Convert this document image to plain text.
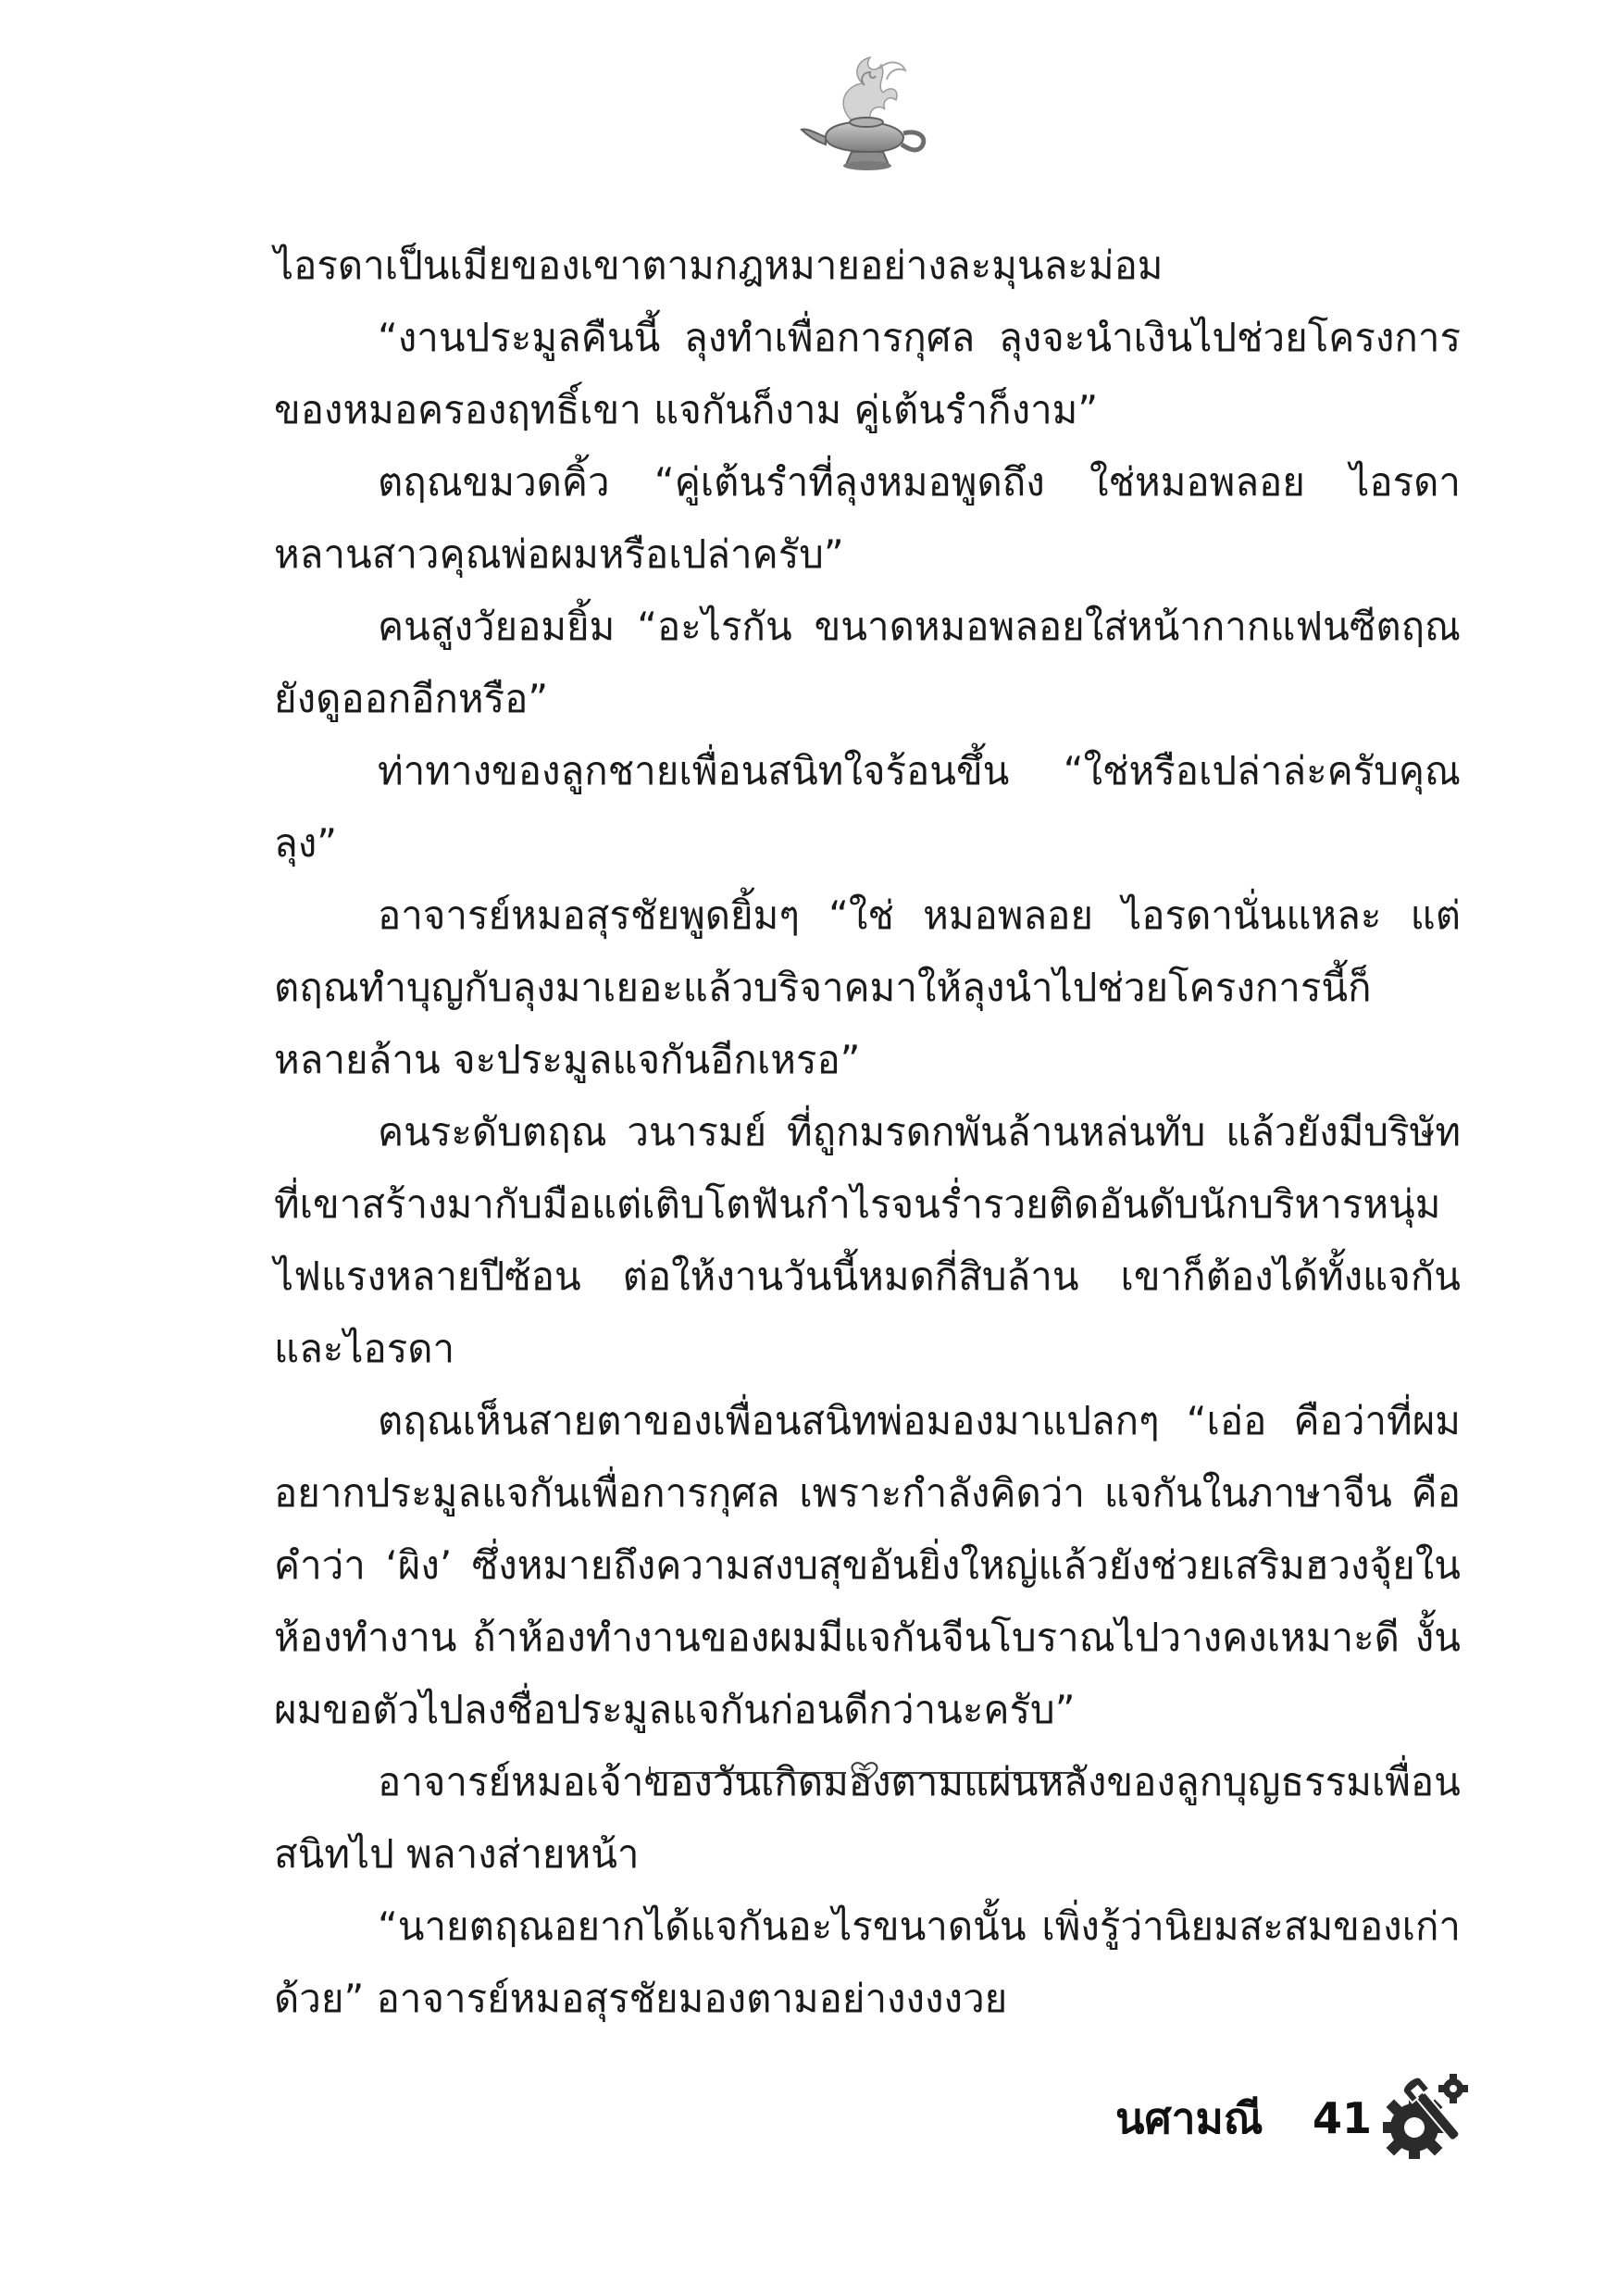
ไอรดาเป็นเมียของเขาตามกฎหมายอย่างละมุนละม่อม

“งานประมูลคืนนี้ ลุงทำเพื่อการกุศล ลุงจะนำเงินไปช่วยโครงการของหมอครองฤทธิ์เขา แจกันก็งาม คู่เต้นรำก็งาม”

ตฤณขมวดคิ้ว “คู่เต้นรำที่ลุงหมอพูดถึง ใช่หมอพลอย ไอรดาหลานสาวคุณพ่อผมหรือเปล่าครับ”

คนสูงวัยอมยิ้ม “อะไรกัน ขนาดหมอพลอยใส่หน้ากากแฟนซีตฤณยังดูออกอีกหรือ”

ท่าทางของลูกชายเพื่อนสนิทใจร้อนขึ้น “ใช่หรือเปล่าล่ะครับคุณลุง”

อาจารย์หมอสุรชัยพูดยิ้มๆ “ใช่ หมอพลอย ไอรดานั่นแหละ แต่ตฤณทำบุญกับลุงมาเยอะแล้วบริจาคมาให้ลุงนำไปช่วยโครงการนี้ก็หลายล้าน จะประมูลแจกันอีกเหรอ”

คนระดับตฤณ วนารมย์ ที่ถูกมรดกพันล้านหล่นทับ แล้วยังมีบริษัทที่เขาสร้างมากับมือแต่เติบโตฟันกำไรจนร่ำรวยติดอันดับนักบริหารหนุ่มไฟแรงหลายปีซ้อน ต่อให้งานวันนี้หมดกี่สิบล้าน เขาก็ต้องได้ทั้งแจกันและไอรดา

ตฤณเห็นสายตาของเพื่อนสนิทพ่อมองมาแปลกๆ “เอ่อ คือว่าที่ผมอยากประมูลแจกันเพื่อการกุศล เพราะกำลังคิดว่า แจกันในภาษาจีน คือคำว่า ‘ผิง’ ซึ่งหมายถึงความสงบสุขอันยิ่งใหญ่แล้วยังช่วยเสริมฮวงจุ้ยในห้องทำงาน ถ้าห้องทำงานของผมมีแจกันจีนโบราณไปวางคงเหมาะดี งั้นผมขอตัวไปลงชื่อประมูลแจกันก่อนดีกว่านะครับ”

อาจารย์หมอเจ้าของวันเกิดมองตามแผ่นหลังของลูกบุญธรรมเพื่อนสนิทไป พลางส่ายหน้า

“นายตฤณอยากได้แจกันอะไรขนาดนั้น เพิ่งรู้ว่านิยมสะสมของเก่าด้วย” อาจารย์หมอสุรชัยมองตามอย่างงงงวย

นศามณี 41
